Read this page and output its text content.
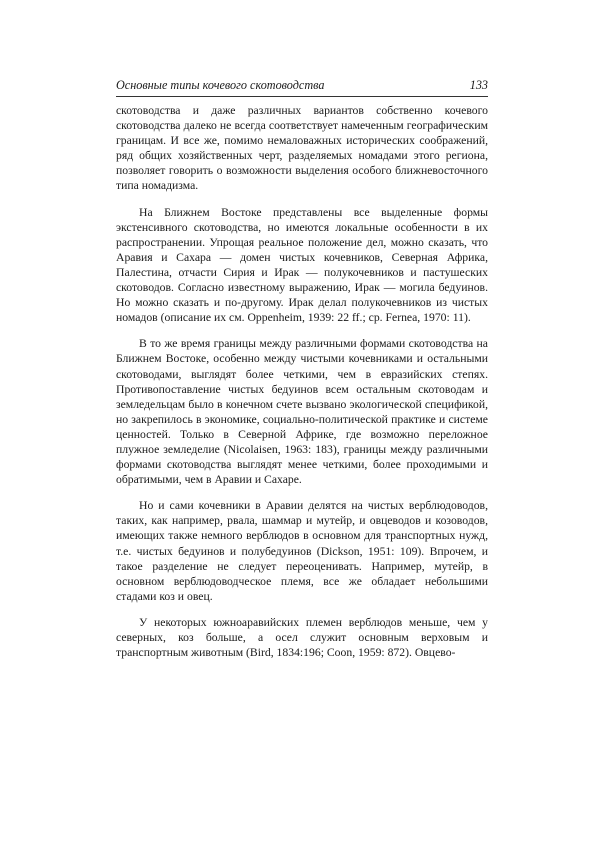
Основные типы кочевого скотоводства	133

скотоводства и даже различных вариантов собственно кочевого скотоводства далеко не всегда соответствует намеченным географическим границам. И все же, помимо немаловажных исторических соображений, ряд общих хозяйственных черт, разделяемых номадами этого региона, позволяет говорить о возможности выделения особого ближневосточного типа номадизма.

На Ближнем Востоке представлены все выделенные формы экстенсивного скотоводства, но имеются локальные особенности в их распространении. Упрощая реальное положение дел, можно сказать, что Аравия и Сахара — домен чистых кочевников, Северная Африка, Палестина, отчасти Сирия и Ирак — полукочевников и пастушеских скотоводов. Согласно известному выражению, Ирак — могила бедуинов. Но можно сказать и по-другому. Ирак делал полукочевников из чистых номадов (описание их см. Oppenheim, 1939: 22 ff.; cp. Fernea, 1970: 11).

В то же время границы между различными формами скотоводства на Ближнем Востоке, особенно между чистыми кочевниками и остальными скотоводами, выглядят более четкими, чем в евразийских степях. Противопоставление чистых бедуинов всем остальным скотоводам и земледельцам было в конечном счете вызвано экологической спецификой, но закрепилось в экономике, социально-политической практике и системе ценностей. Только в Северной Африке, где возможно переложное плужное земледелие (Nicolaisen, 1963: 183), границы между различными формами скотоводства выглядят менее четкими, более проходимыми и обратимыми, чем в Аравии и Сахаре.

Но и сами кочевники в Аравии делятся на чистых верблюдоводов, таких, как например, рвала, шаммар и мутейр, и овцеводов и козоводов, имеющих также немного верблюдов в основном для транспортных нужд, т.е. чистых бедуинов и полубедуинов (Dickson, 1951: 109). Впрочем, и такое разделение не следует переоценивать. Например, мутейр, в основном верблюдоводческое племя, все же обладает небольшими стадами коз и овец.

У некоторых южноаравийских племен верблюдов меньше, чем у северных, коз больше, а осел служит основным верховым и транспортным животным (Bird, 1834:196; Coon, 1959: 872). Овцево-
